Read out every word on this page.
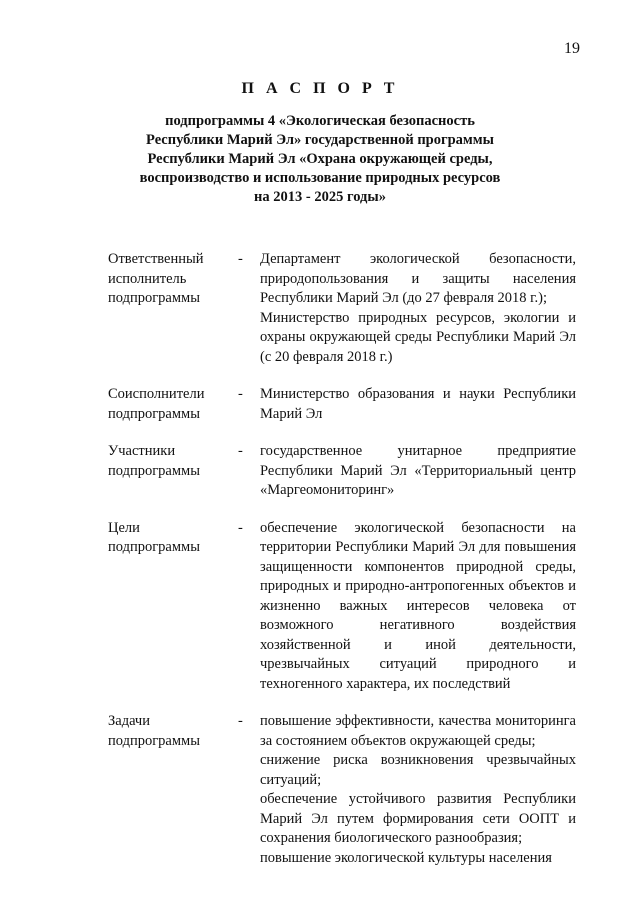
19
П А С П О Р Т
подпрограммы 4 «Экологическая безопасность
Республики Марий Эл» государственной программы
Республики Марий Эл «Охрана окружающей среды,
воспроизводство и использование природных ресурсов
на 2013 - 2025 годы»
Ответственный
исполнитель
подпрограммы
- Департамент экологической безопасности, природопользования и защиты населения Республики Марий Эл (до 27 февраля 2018 г.);

Министерство природных ресурсов, экологии и охраны окружающей среды Республики Марий Эл (с 20 февраля 2018 г.)

Соисполнители
подпрограммы
- Министерство образования и науки Республики Марий Эл

Участники
подпрограммы
- государственное унитарное предприятие Республики Марий Эл «Территориальный центр «Маргеомониторинг»

Цели
подпрограммы
- обеспечение экологической безопасности на территории Республики Марий Эл для повышения защищенности компонентов природной среды, природных и природно-антропогенных объектов и жизненно важных интересов человека от возможного негативного воздействия хозяйственной и иной деятельности, чрезвычайных ситуаций природного и техногенного характера, их последствий

Задачи
подпрограммы
- повышение эффективности, качества мониторинга за состоянием объектов окружающей среды;

снижение риска возникновения чрезвычайных ситуаций;

обеспечение устойчивого развития Республики Марий Эл путем формирования сети ООПТ и сохранения биологического разнообразия;

повышение экологической культуры населения
